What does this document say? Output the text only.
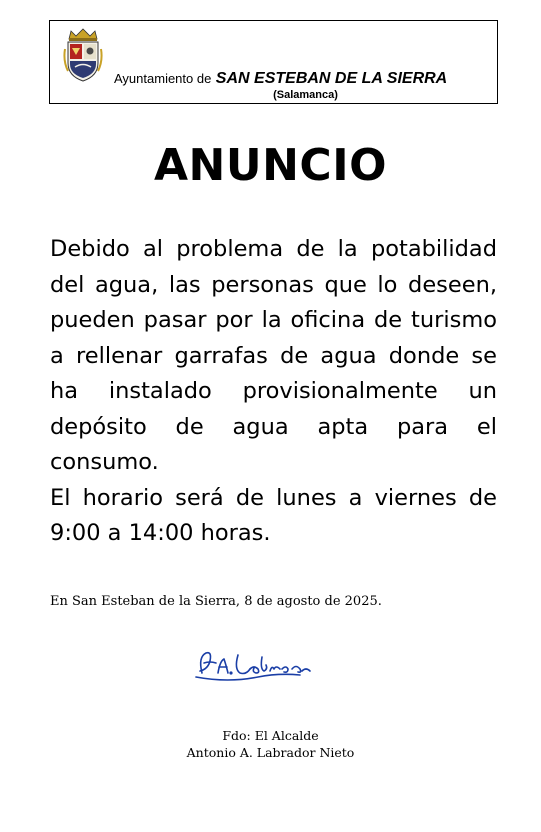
Ayuntamiento de SAN ESTEBAN DE LA SIERRA
(Salamanca)
ANUNCIO

Debido al problema de la potabilidad del agua, las personas que lo deseen, pueden pasar por la oficina de turismo a rellenar garrafas de agua donde se ha instalado provisionalmente un depósito de agua apta para el consumo.

El horario será de lunes a viernes de 9:00 a 14:00 horas.

En San Esteban de la Sierra, 8 de agosto de 2025.
Fdo: El Alcalde
Antonio A. Labrador Nieto
